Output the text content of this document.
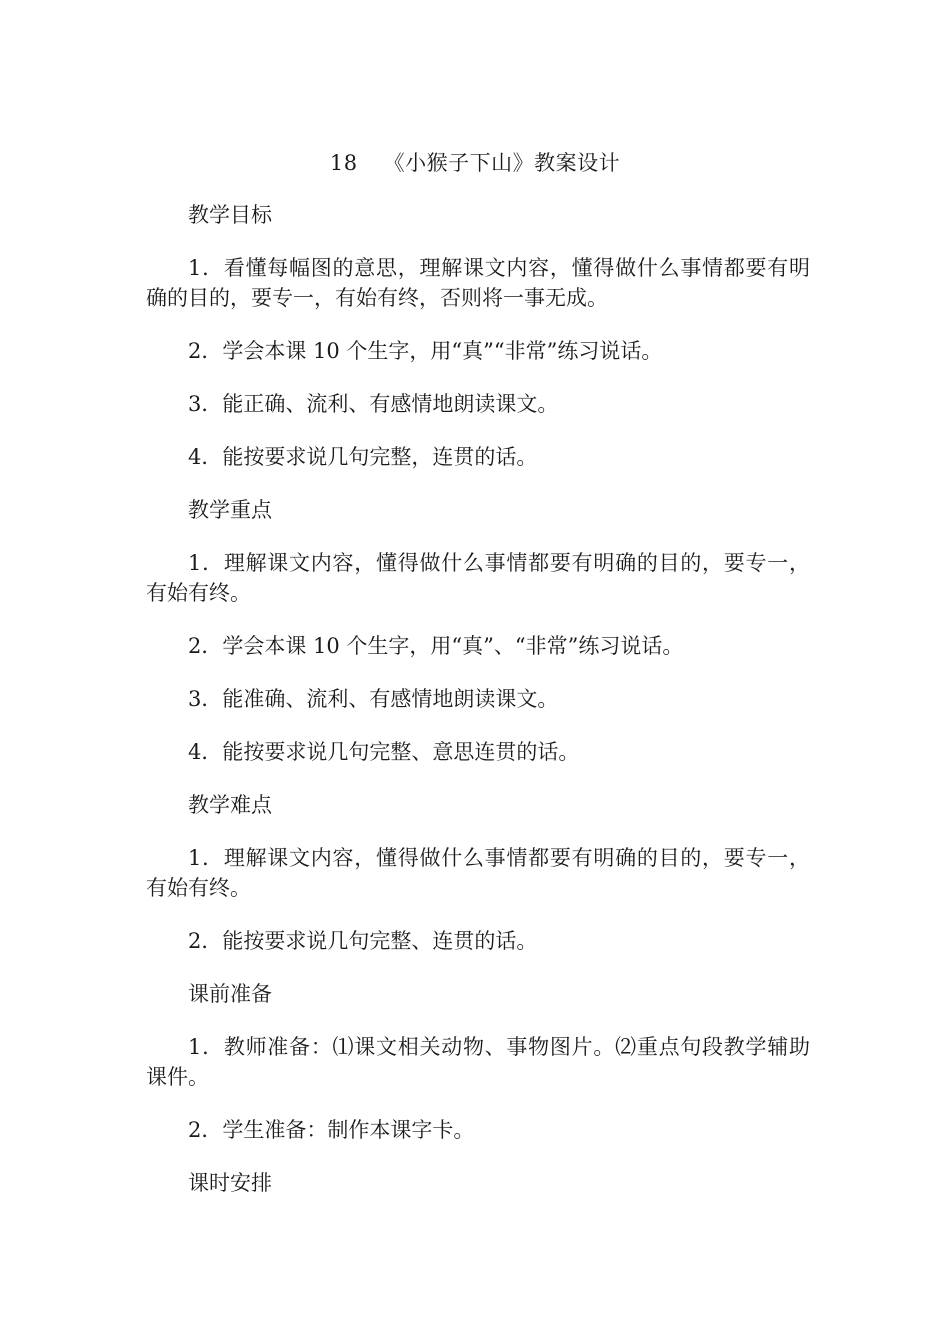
18 《小猴子下山》教案设计

教学目标

1．看懂每幅图的意思，理解课文内容，懂得做什么事情都要有明确的目的，要专一，有始有终，否则将一事无成。

2．学会本课 10 个生字，用“真”“非常”练习说话。

3．能正确、流利、有感情地朗读课文。

4．能按要求说几句完整，连贯的话。

教学重点

1．理解课文内容，懂得做什么事情都要有明确的目的，要专一，有始有终。

2．学会本课 10 个生字，用“真”、“非常”练习说话。

3．能准确、流利、有感情地朗读课文。

4．能按要求说几句完整、意思连贯的话。

教学难点

1．理解课文内容，懂得做什么事情都要有明确的目的，要专一，有始有终。

2．能按要求说几句完整、连贯的话。

课前准备

1．教师准备：⑴课文相关动物、事物图片。⑵重点句段教学辅助课件。

2．学生准备：制作本课字卡。

课时安排
